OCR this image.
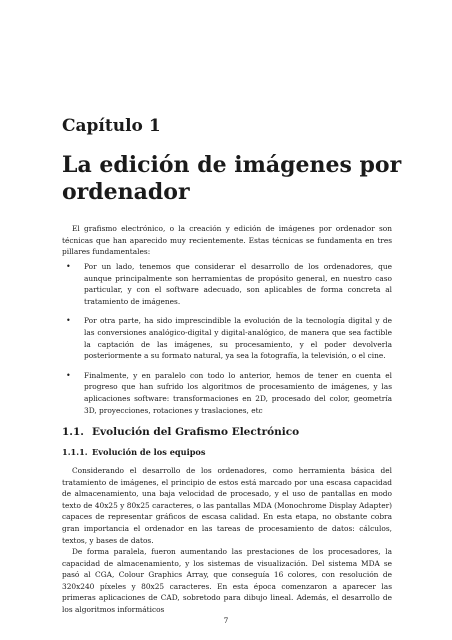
Capítulo 1
La edición de imágenes por ordenador

El grafismo electrónico, o la creación y edición de imágenes por ordenador son técnicas que han aparecido muy recientemente. Estas técnicas se fundamenta en tres pillares fundamentales:

• Por un lado, tenemos que considerar el desarrollo de los ordenadores, que aunque principalmente son herramientas de propósito general, en nuestro caso particular, y con el software adecuado, son aplicables de forma concreta al tratamiento de imágenes.
• Por otra parte, ha sido imprescindible la evolución de la tecnología digital y de las conversiones analógico-digital y digital-analógico, de manera que sea factible la captación de las imágenes, su procesamiento, y el poder devolverla posteriormente a su formato natural, ya sea la fotografía, la televisión, o el cine.
• Finalmente, y en paralelo con todo lo anterior, hemos de tener en cuenta el progreso que han sufrido los algoritmos de procesamiento de imágenes, y las aplicaciones software: transformaciones en 2D, procesado del color, geometría 3D, proyecciones, rotaciones y traslaciones, etc
1.1. Evolución del Grafismo Electrónico
1.1.1. Evolución de los equipos

Considerando el desarrollo de los ordenadores, como herramienta básica del tratamiento de imágenes, el principio de estos está marcado por una escasa capacidad de almacenamiento, una baja velocidad de procesado, y el uso de pantallas en modo texto de 40x25 y 80x25 caracteres, o las pantallas MDA (Monochrome Display Adapter) capaces de representar gráficos de escasa calidad. En esta etapa, no obstante cobra gran importancia el ordenador en las tareas de procesamiento de datos: cálculos, textos, y bases de datos.

De forma paralela, fueron aumentando las prestaciones de los procesadores, la capacidad de almacenamiento, y los sistemas de visualización. Del sistema MDA se pasó al CGA, Colour Graphics Array, que conseguía 16 colores, con resolución de 320x240 píxeles y 80x25 caracteres. En esta época comenzaron a aparecer las primeras aplicaciones de CAD, sobretodo para dibujo lineal. Además, el desarrollo de los algoritmos informáticos

7
